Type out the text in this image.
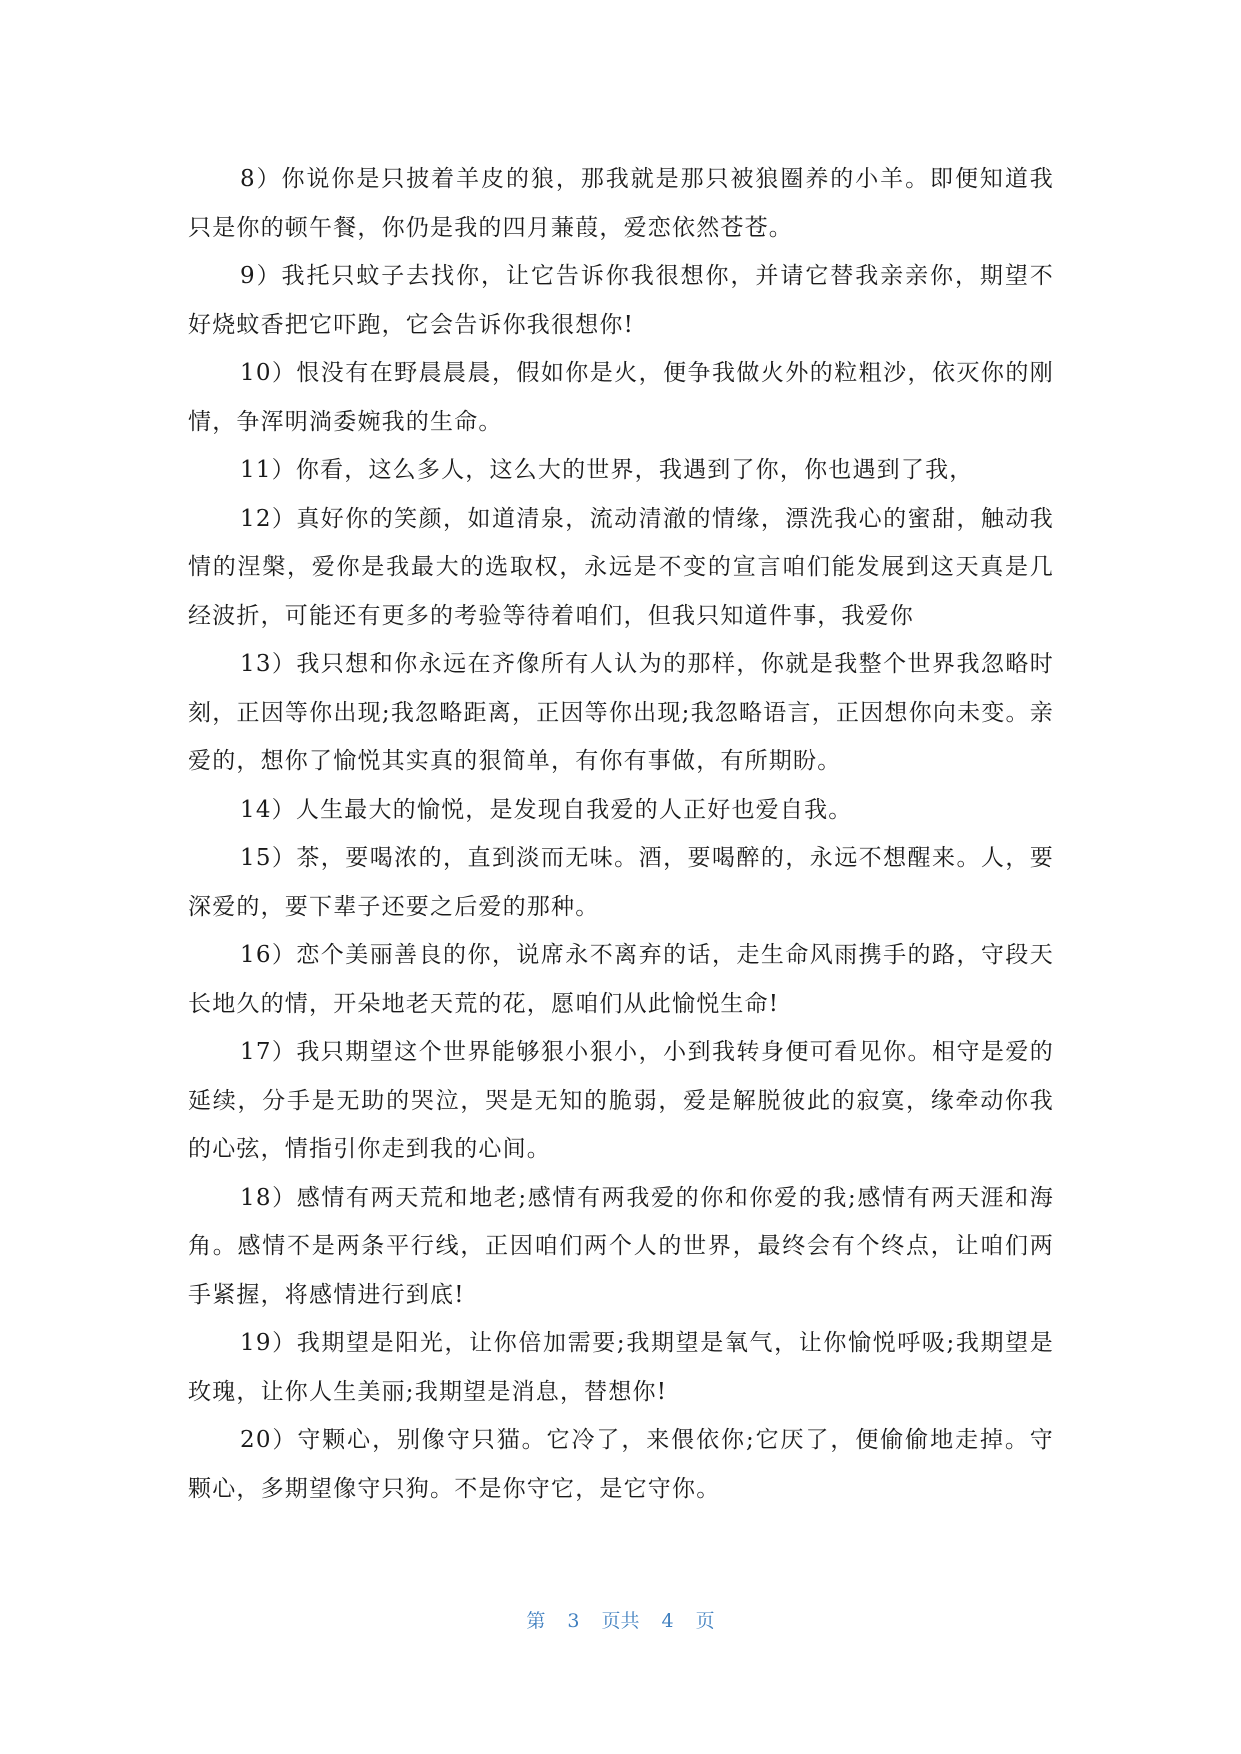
8）你说你是只披着羊皮的狼，那我就是那只被狼圈养的小羊。即便知道我只是你的顿午餐，你仍是我的四月蒹葭，爱恋依然苍苍。

9）我托只蚊子去找你，让它告诉你我很想你，并请它替我亲亲你，期望不好烧蚊香把它吓跑，它会告诉你我很想你!

10）恨没有在野晨晨晨，假如你是火，便争我做火外的粒粗沙，依灭你的刚情，争浑明淌委婉我的生命。

11）你看，这么多人，这么大的世界，我遇到了你，你也遇到了我，

12）真好你的笑颜，如道清泉，流动清澈的情缘，漂洗我心的蜜甜，触动我情的涅槃，爱你是我最大的选取权，永远是不变的宣言咱们能发展到这天真是几经波折，可能还有更多的考验等待着咱们，但我只知道件事，我爱你

13）我只想和你永远在齐像所有人认为的那样，你就是我整个世界我忽略时刻，正因等你出现;我忽略距离，正因等你出现;我忽略语言，正因想你向未变。亲爱的，想你了愉悦其实真的狠简单，有你有事做，有所期盼。

14）人生最大的愉悦，是发现自我爱的人正好也爱自我。

15）茶，要喝浓的，直到淡而无味。酒，要喝醉的，永远不想醒来。人，要深爱的，要下辈子还要之后爱的那种。

16）恋个美丽善良的你，说席永不离弃的话，走生命风雨携手的路，守段天长地久的情，开朵地老天荒的花，愿咱们从此愉悦生命!

17）我只期望这个世界能够狠小狠小，小到我转身便可看见你。相守是爱的延续，分手是无助的哭泣，哭是无知的脆弱，爱是解脱彼此的寂寞，缘牵动你我的心弦，情指引你走到我的心间。

18）感情有两天荒和地老;感情有两我爱的你和你爱的我;感情有两天涯和海角。感情不是两条平行线，正因咱们两个人的世界，最终会有个终点，让咱们两手紧握，将感情进行到底!

19）我期望是阳光，让你倍加需要;我期望是氧气，让你愉悦呼吸;我期望是玫瑰，让你人生美丽;我期望是消息，替想你!

20）守颗心，别像守只猫。它冷了，来偎依你;它厌了，便偷偷地走掉。守颗心，多期望像守只狗。不是你守它，是它守你。

第 3 页共 4 页
